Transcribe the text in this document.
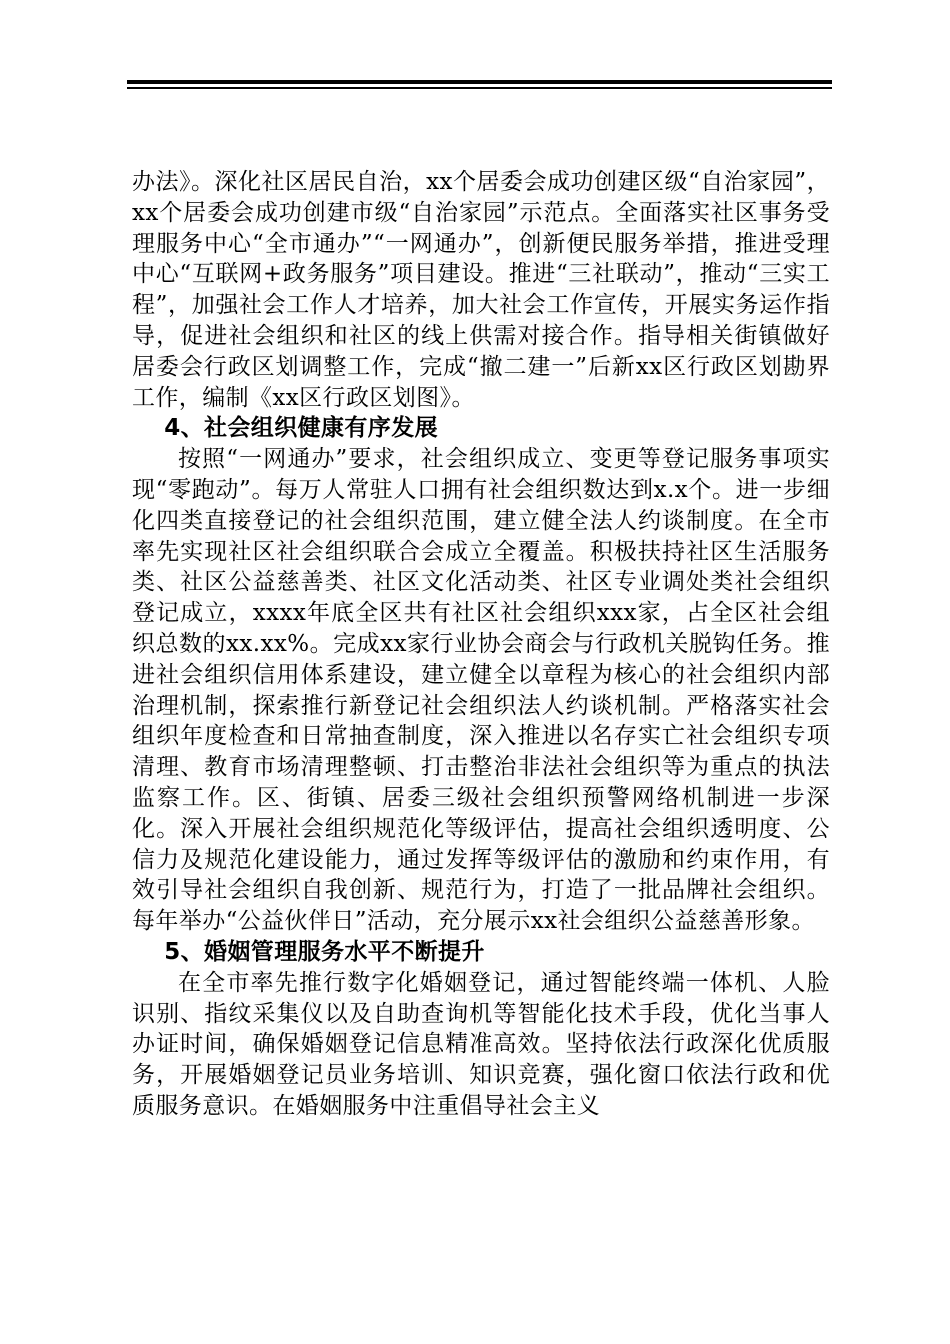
办法》。深化社区居民自治，xx个居委会成功创建区级“自治家园”，xx个居委会成功创建市级“自治家园”示范点。全面落实社区事务受理服务中心“全市通办”“一网通办”，创新便民服务举措，推进受理中心“互联网+政务服务”项目建设。推进“三社联动”，推动“三实工程”，加强社会工作人才培养，加大社会工作宣传，开展实务运作指导，促进社会组织和社区的线上供需对接合作。指导相关街镇做好居委会行政区划调整工作，完成“撤二建一”后新xx区行政区划勘界工作，编制《xx区行政区划图》。

4、社会组织健康有序发展

按照“一网通办”要求，社会组织成立、变更等登记服务事项实现“零跑动”。每万人常驻人口拥有社会组织数达到x.x个。进一步细化四类直接登记的社会组织范围，建立健全法人约谈制度。在全市率先实现社区社会组织联合会成立全覆盖。积极扶持社区生活服务类、社区公益慈善类、社区文化活动类、社区专业调处类社会组织登记成立，xxxx年底全区共有社区社会组织xxx家，占全区社会组织总数的xx.xx%。完成xx家行业协会商会与行政机关脱钩任务。推进社会组织信用体系建设，建立健全以章程为核心的社会组织内部治理机制，探索推行新登记社会组织法人约谈机制。严格落实社会组织年度检查和日常抽查制度，深入推进以名存实亡社会组织专项清理、教育市场清理整顿、打击整治非法社会组织等为重点的执法监察工作。区、街镇、居委三级社会组织预警网络机制进一步深化。深入开展社会组织规范化等级评估，提高社会组织透明度、公信力及规范化建设能力，通过发挥等级评估的激励和约束作用，有效引导社会组织自我创新、规范行为，打造了一批品牌社会组织。每年举办“公益伙伴日”活动，充分展示xx社会组织公益慈善形象。

5、婚姻管理服务水平不断提升

在全市率先推行数字化婚姻登记，通过智能终端一体机、人脸识别、指纹采集仪以及自助查询机等智能化技术手段，优化当事人办证时间，确保婚姻登记信息精准高效。坚持依法行政深化优质服务，开展婚姻登记员业务培训、知识竞赛，强化窗口依法行政和优质服务意识。在婚姻服务中注重倡导社会主义
